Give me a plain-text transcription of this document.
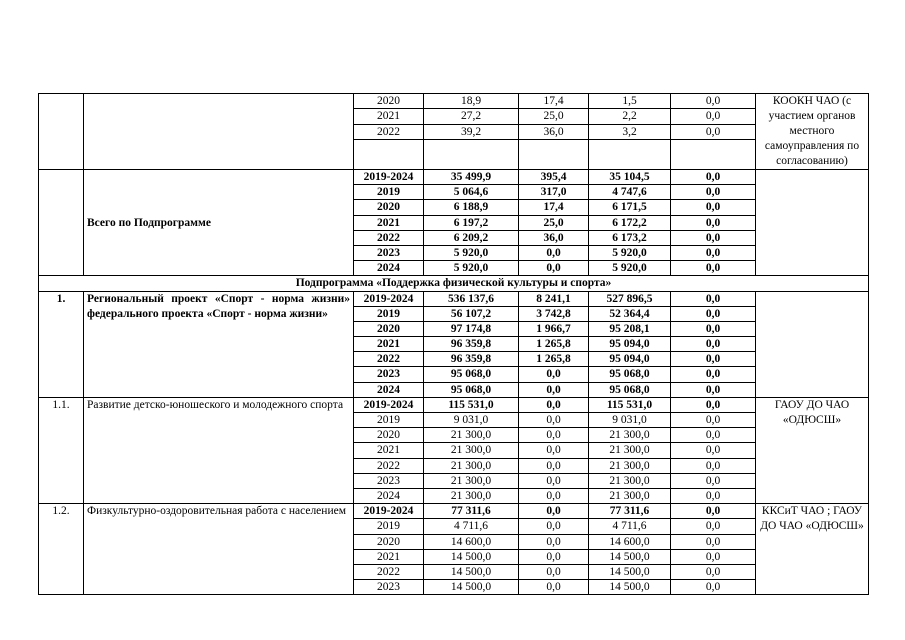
		2020	18,9	17,4	1,5	0,0	КООКН ЧАО (с участием органов местного самоуправления по согласованию)
		2021	27,2	25,0	2,2	0,0	
		2022	39,2	36,0	3,2	0,0	

	Всего по Подпрограмме	2019-2024	35 499,9	395,4	35 104,5	0,0	
		2019	5 064,6	317,0	4 747,6	0,0	
		2020	6 188,9	17,4	6 171,5	0,0	
		2021	6 197,2	25,0	6 172,2	0,0	
		2022	6 209,2	36,0	6 173,2	0,0	
		2023	5 920,0	0,0	5 920,0	0,0	
		2024	5 920,0	0,0	5 920,0	0,0	
Подпрограмма «Поддержка физической культуры и спорта»							
1.	Региональный проект «Спорт - норма жизни» федерального проекта «Спорт - норма жизни»	2019-2024	536 137,6	8 241,1	527 896,5	0,0	
		2019	56 107,2	3 742,8	52 364,4	0,0	
		2020	97 174,8	1 966,7	95 208,1	0,0	
		2021	96 359,8	1 265,8	95 094,0	0,0	
		2022	96 359,8	1 265,8	95 094,0	0,0	
		2023	95 068,0	0,0	95 068,0	0,0	
		2024	95 068,0	0,0	95 068,0	0,0	
1.1.	Развитие детско-юношеского и молодежного спорта	2019-2024	115 531,0	0,0	115 531,0	0,0	ГАОУ ДО ЧАО «ОДЮСШ»
		2019	9 031,0	0,0	9 031,0	0,0	
		2020	21 300,0	0,0	21 300,0	0,0	
		2021	21 300,0	0,0	21 300,0	0,0	
		2022	21 300,0	0,0	21 300,0	0,0	
		2023	21 300,0	0,0	21 300,0	0,0	
		2024	21 300,0	0,0	21 300,0	0,0	
1.2.	Физкультурно-оздоровительная работа с населением	2019-2024	77 311,6	0,0	77 311,6	0,0	ККСиТ ЧАО ; ГАОУ ДО ЧАО «ОДЮСШ»
		2019	4 711,6	0,0	4 711,6	0,0	
		2020	14 600,0	0,0	14 600,0	0,0	
		2021	14 500,0	0,0	14 500,0	0,0	
		2022	14 500,0	0,0	14 500,0	0,0	
		2023	14 500,0	0,0	14 500,0	0,0	
